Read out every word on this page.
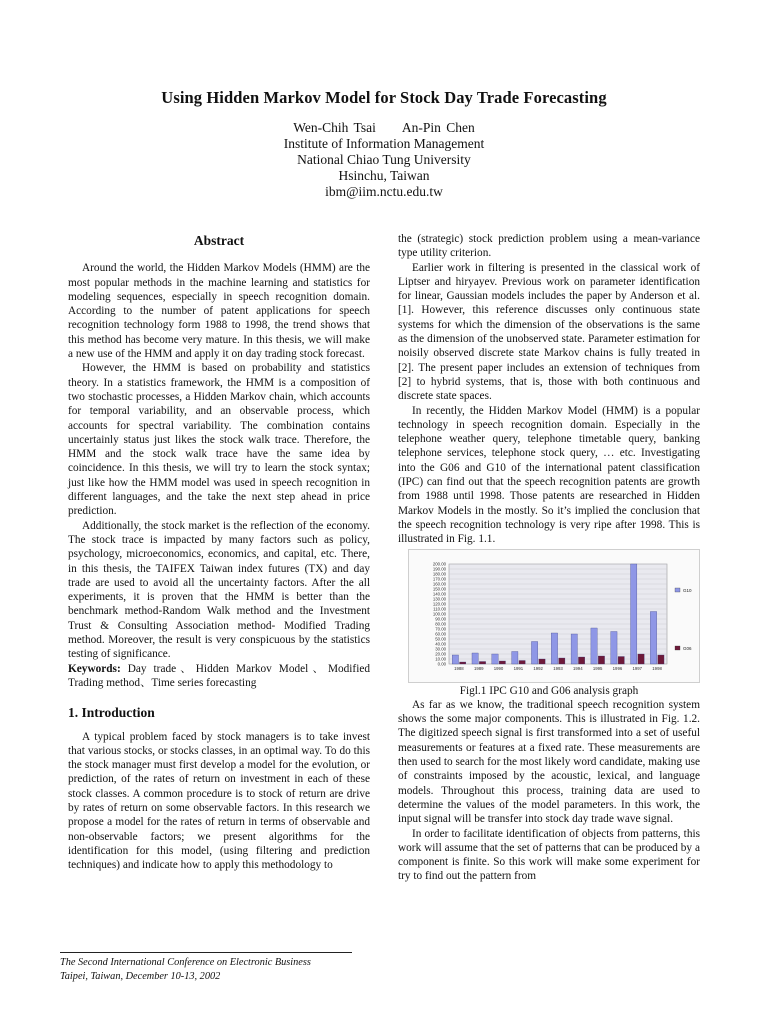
Using Hidden Markov Model for Stock Day Trade Forecasting
Wen-Chih Tsai An-Pin Chen
Institute of Information Management
National Chiao Tung University
Hsinchu, Taiwan
ibm@iim.nctu.edu.tw
Abstract

Around the world, the Hidden Markov Models (HMM) are the most popular methods in the machine learning and statistics for modeling sequences, especially in speech recognition domain. According to the number of patent applications for speech recognition technology form 1988 to 1998, the trend shows that this method has become very mature. In this thesis, we will make a new use of the HMM and apply it on day trading stock forecast.

However, the HMM is based on probability and statistics theory. In a statistics framework, the HMM is a composition of two stochastic processes, a Hidden Markov chain, which accounts for temporal variability, and an observable process, which accounts for spectral variability. The combination contains uncertainly status just likes the stock walk trace. Therefore, the HMM and the stock walk trace have the same idea by coincidence. In this thesis, we will try to learn the stock syntax; just like how the HMM model was used in speech recognition in different languages, and the take the next step ahead in price prediction.

Additionally, the stock market is the reflection of the economy. The stock trace is impacted by many factors such as policy, psychology, microeconomics, economics, and capital, etc. There, in this thesis, the TAIFEX Taiwan index futures (TX) and day trade are used to avoid all the uncertainty factors. After the all experiments, it is proven that the HMM is better than the benchmark method-Random Walk method and the Investment Trust & Consulting Association method- Modified Trading method. Moreover, the result is very conspicuous by the statistics testing of significance.

Keywords: Day trade、Hidden Markov Model、Modified Trading method、Time series forecasting

1. Introduction

A typical problem faced by stock managers is to take invest that various stocks, or stocks classes, in an optimal way. To do this the stock manager must first develop a model for the evolution, or prediction, of the rates of return on investment in each of these stock classes. A common procedure is to stock of return are drive by rates of return on some observable factors. In this research we propose a model for the rates of return in terms of observable and non-observable factors; we present algorithms for the identification for this model, (using filtering and prediction techniques) and indicate how to apply this methodology to

the (strategic) stock prediction problem using a mean-variance type utility criterion.

Earlier work in filtering is presented in the classical work of Liptser and hiryayev. Previous work on parameter identification for linear, Gaussian models includes the paper by Anderson et al. [1]. However, this reference discusses only continuous state systems for which the dimension of the observations is the same as the dimension of the unobserved state. Parameter estimation for noisily observed discrete state Markov chains is fully treated in [2]. The present paper includes an extension of techniques from [2] to hybrid systems, that is, those with both continuous and discrete state spaces.

In recently, the Hidden Markov Model (HMM) is a popular technology in speech recognition domain. Especially in the telephone weather query, telephone timetable query, banking telephone services, telephone stock query, … etc. Investigating into the G06 and G10 of the international patent classification (IPC) can find out that the speech recognition patents are growth from 1988 until 1998. Those patents are researched in Hidden Markov Models in the mostly. So it’s implied the conclusion that the speech recognition technology is very ripe after 1998. This is illustrated in Fig. 1.1.

200.00
190.00
180.00
170.00
160.00
150.00
140.00
130.00
120.00
110.00
100.00
90.00
80.00
70.00
60.00
50.00
40.00
30.00
20.00
10.00
0.00
1988 1989 1990 1991 1992 1993 1994 1995 1996 1997 1998
G10
G06
Figl.1 IPC G10 and G06 analysis graph

As far as we know, the traditional speech recognition system shows the some major components. This is illustrated in Fig. 1.2. The digitized speech signal is first transformed into a set of useful measurements or features at a fixed rate. These measurements are then used to search for the most likely word candidate, making use of constraints imposed by the acoustic, lexical, and language models. Throughout this process, training data are used to determine the values of the model parameters. In this work, the input signal will be transfer into stock day trade wave signal.

In order to facilitate identification of objects from patterns, this work will assume that the set of patterns that can be produced by a component is finite. So this work will make some experiment for try to find out the pattern from

The Second International Conference on Electronic Business
Taipei, Taiwan, December 10-13, 2002
